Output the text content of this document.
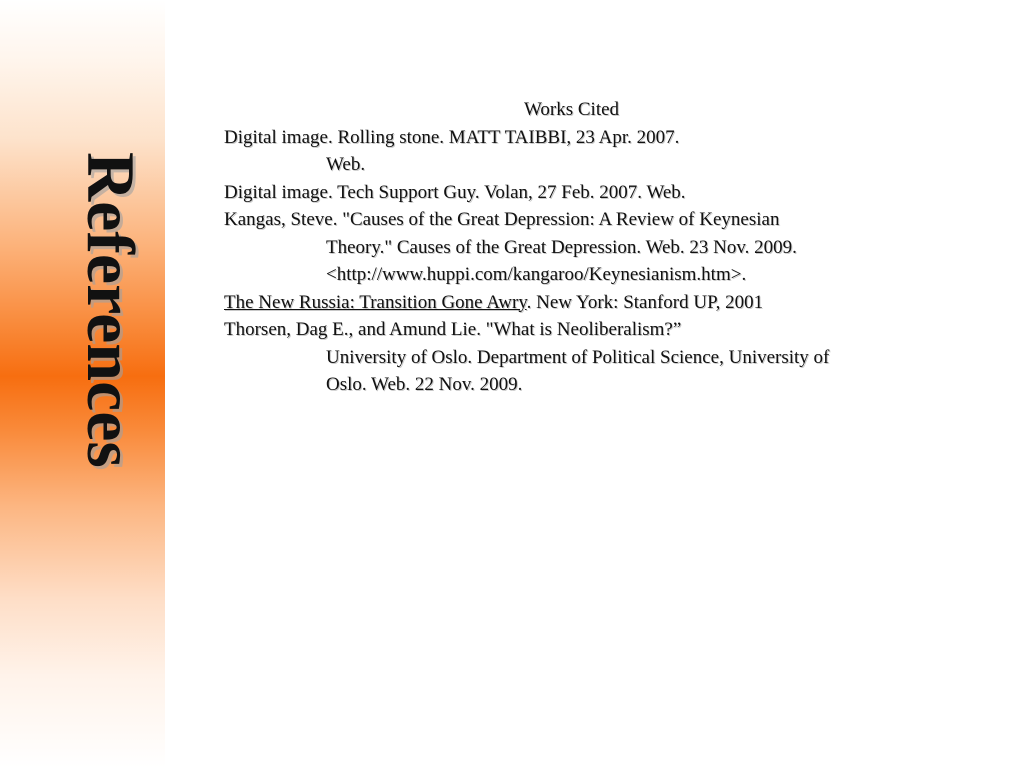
References
Works Cited
Digital image. Rolling stone. MATT TAIBBI, 23 Apr. 2007.
Web.
Digital image. Tech Support Guy. Volan, 27 Feb. 2007. Web.
Kangas, Steve. "Causes of the Great Depression: A Review of Keynesian
Theory." Causes of the Great Depression. Web. 23 Nov. 2009.
<http://www.huppi.com/kangaroo/Keynesianism.htm>.
The New Russia: Transition Gone Awry. New York: Stanford UP, 2001
Thorsen, Dag E., and Amund Lie. "What is Neoliberalism?”
University of Oslo. Department of Political Science, University of
Oslo. Web. 22 Nov. 2009.
